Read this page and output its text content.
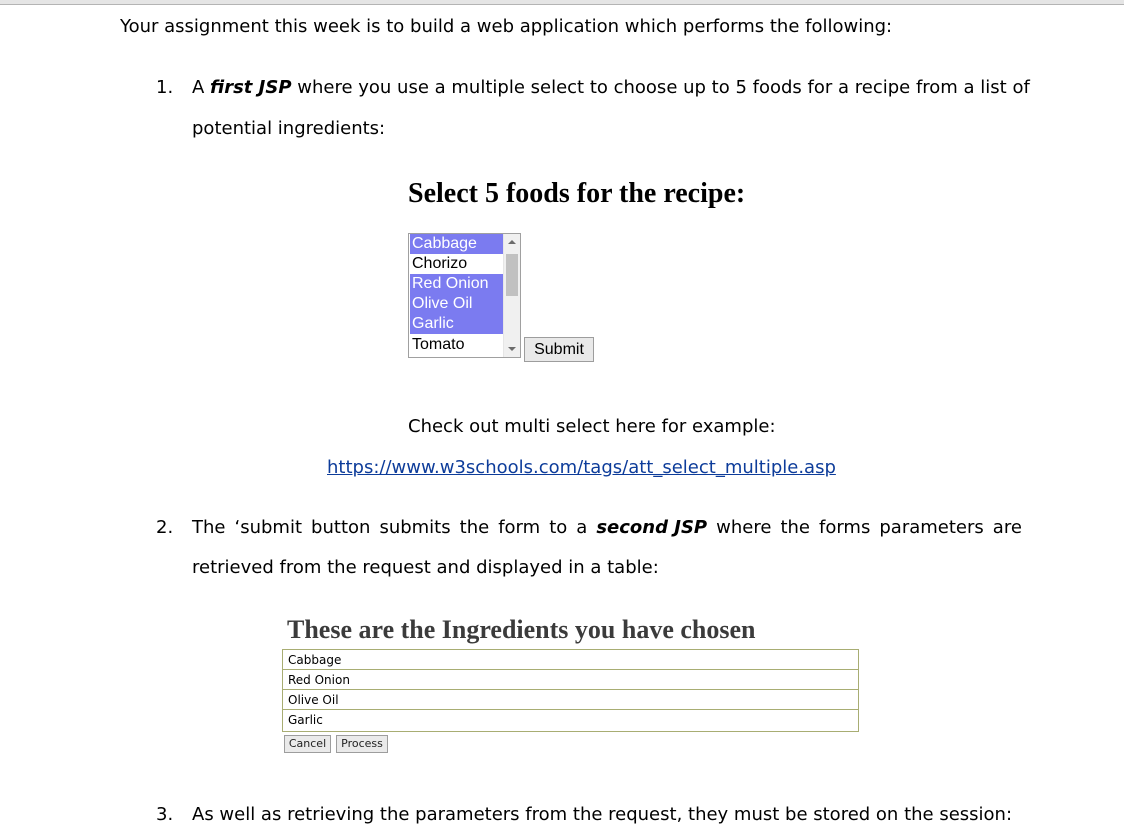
Your assignment this week is to build a web application which performs the following:
1. A first JSP where you use a multiple select to choose up to 5 foods for a recipe from a list of
potential ingredients:
Select 5 foods for the recipe:
Cabbage
Chorizo
Red Onion
Olive Oil
Garlic
Tomato	Submit
Check out multi select here for example:
https://www.w3schools.com/tags/att_select_multiple.asp
2. The ‘submit button submits the form to a second JSP where the forms parameters are
retrieved from the request and displayed in a table:
These are the Ingredients you have chosen
Cabbage
Red Onion
Olive Oil
Garlic
Cancel	Process
3. As well as retrieving the parameters from the request, they must be stored on the session:
